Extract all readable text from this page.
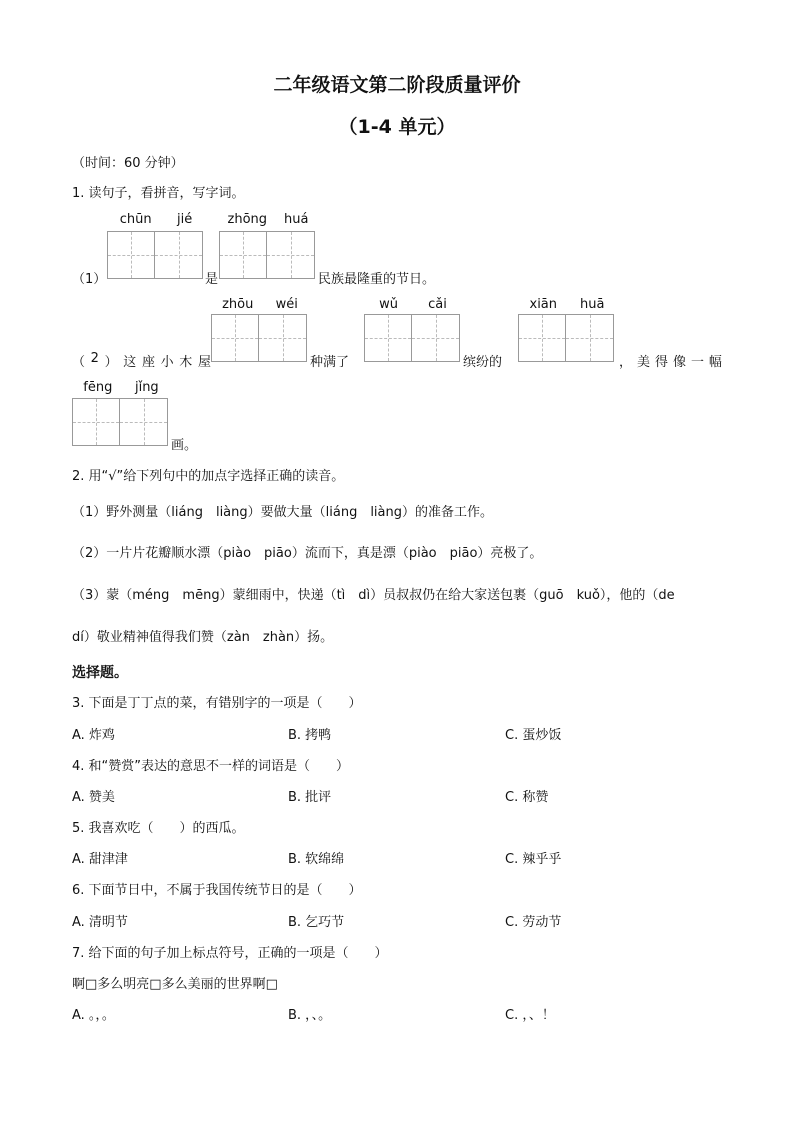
二年级语文第二阶段质量评价
（1-4 单元）
（时间：60 分钟）
1. 读句子，看拼音，写字词。
chūn jié	zhōng huá
（1）	是	民族最隆重的节日。
（ 2 ） 这 座 小 木 屋
zhōu wéi
种满了
wǔ cǎi
缤纷的
xiān huā
， 美 得 像 一 幅
fēng jǐng
画。
2. 用“√”给下列句中的加点字选择正确的读音。
（1）野外测量（liáng　liàng）要做大量（liáng　liàng）的准备工作。
（2）一片片花瓣顺水漂（piào　piāo）流而下，真是漂（piào　piāo）亮极了。
（3）蒙（méng　mēng）蒙细雨中，快递（tì　dì）员叔叔仍在给大家送包裹（guō　kuǒ），他的（de
dí）敬业精神值得我们赞（zàn　zhàn）扬。
选择题。
3. 下面是丁丁点的菜，有错别字的一项是（　　）
A. 炸鸡	B. 拷鸭	C. 蛋炒饭
4. 和“赞赏”表达的意思不一样的词语是（　　）
A. 赞美	B. 批评	C. 称赞
5. 我喜欢吃（　　）的西瓜。
A. 甜津津	B. 软绵绵	C. 辣乎乎
6. 下面节日中，不属于我国传统节日的是（　　）
A. 清明节	B. 乞巧节	C. 劳动节
7. 给下面的句子加上标点符号，正确的一项是（　　）
啊□多么明亮□多么美丽的世界啊□
A. 。，。	B. ，、。	C. ，、！
